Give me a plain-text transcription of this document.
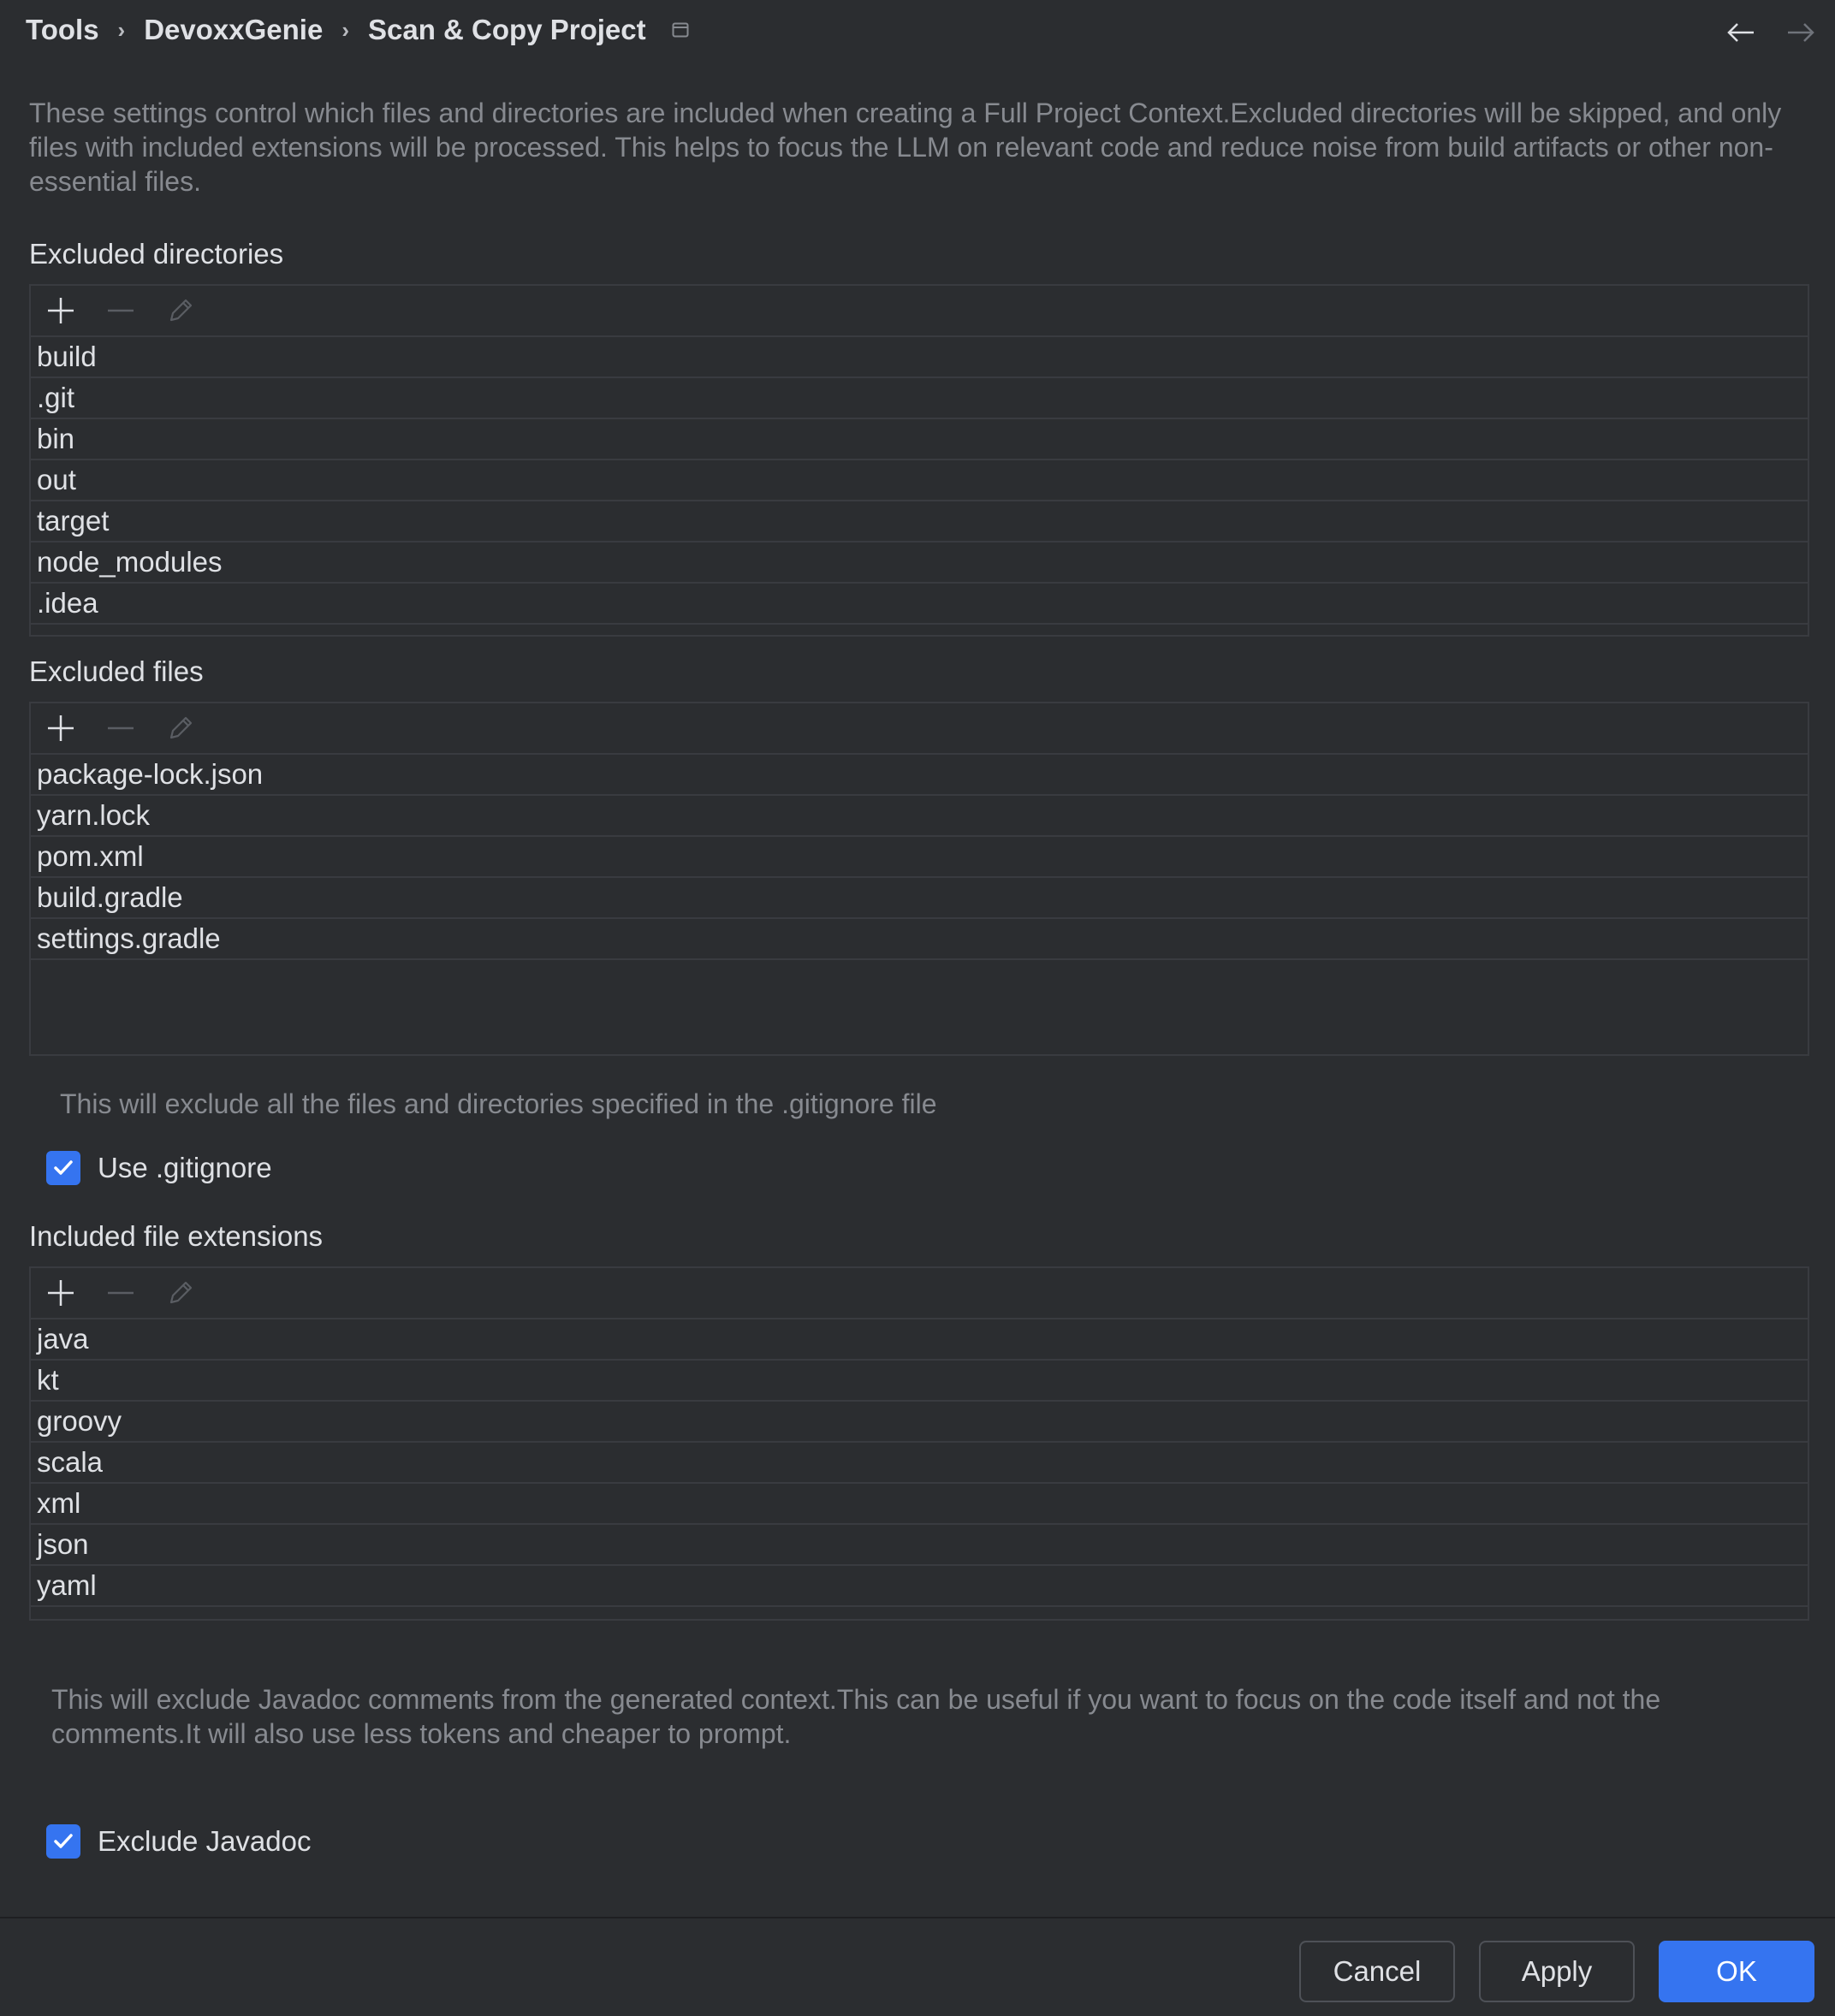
Tools › DevoxxGenie › Scan & Copy Project
These settings control which files and directories are included when creating a Full Project Context.Excluded directories will be skipped, and only files with included extensions will be processed. This helps to focus the LLM on relevant code and reduce noise from build artifacts or other non-essential files.
Excluded directories
build
.git
bin
out
target
node_modules
.idea
Excluded files
package-lock.json
yarn.lock
pom.xml
build.gradle
settings.gradle
This will exclude all the files and directories specified in the .gitignore file
Use .gitignore
Included file extensions
java
kt
groovy
scala
xml
json
yaml
This will exclude Javadoc comments from the generated context.This can be useful if you want to focus on the code itself and not the comments.It will also use less tokens and cheaper to prompt.
Exclude Javadoc
Cancel	Apply	OK
